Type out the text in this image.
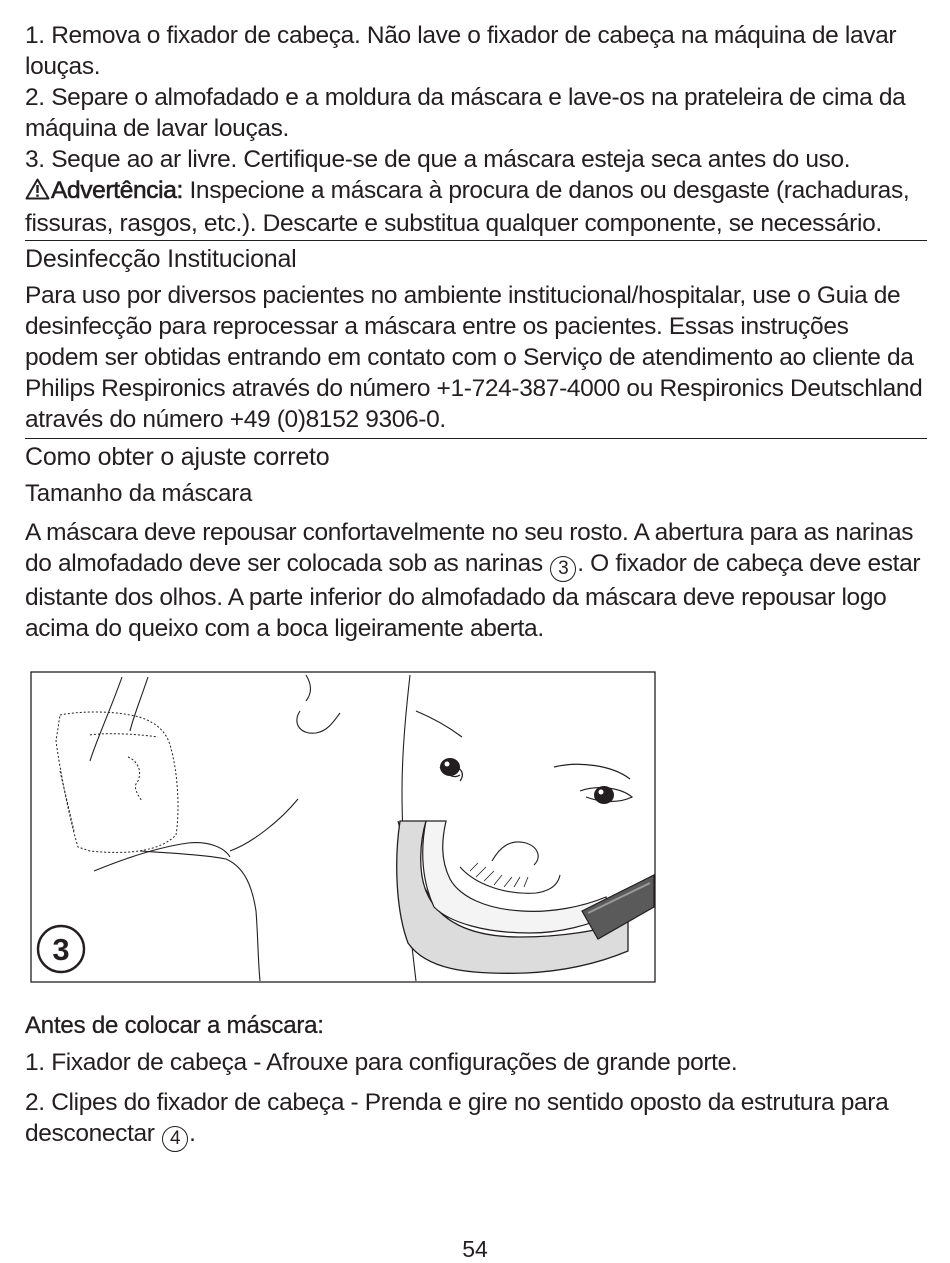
1. Remova o fixador de cabeça. Não lave o fixador de cabeça na máquina de lavar louças.

2. Separe o almofadado e a moldura da máscara e lave-os na prateleira de cima da máquina de lavar louças.

3. Seque ao ar livre. Certifique-se de que a máscara esteja seca antes do uso.

Advertência: Inspecione a máscara à procura de danos ou desgaste (rachaduras, fissuras, rasgos, etc.). Descarte e substitua qualquer componente, se necessário.

Desinfecção Institucional

Para uso por diversos pacientes no ambiente institucional/hospitalar, use o Guia de desinfecção para reprocessar a máscara entre os pacientes. Essas instruções podem ser obtidas entrando em contato com o Serviço de atendimento ao cliente da Philips Respironics através do número +1-724-387-4000 ou Respironics Deutschland através do número +49 (0)8152 9306-0.

Como obter o ajuste correto

Tamanho da máscara

A máscara deve repousar confortavelmente no seu rosto. A abertura para as narinas do almofadado deve ser colocada sob as narinas 3 . O fixador de cabeça deve estar distante dos olhos. A parte inferior do almofadado da máscara deve repousar logo acima do queixo com a boca ligeiramente aberta.

3

Antes de colocar a máscara:

1. Fixador de cabeça - Afrouxe para configurações de grande porte.

2. Clipes do fixador de cabeça - Prenda e gire no sentido oposto da estrutura para desconectar 4 .

54
